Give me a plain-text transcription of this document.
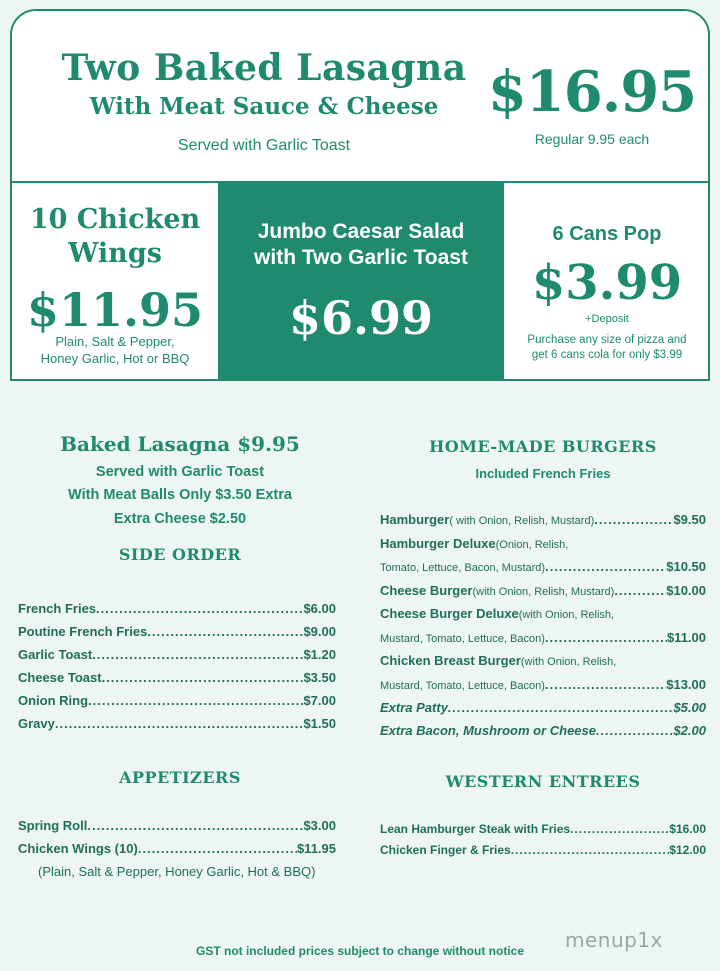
Two Baked Lasagna
With Meat Sauce & Cheese
Served with Garlic Toast
$16.95
Regular 9.95 each
10 Chicken
Wings
$11.95
Plain, Salt & Pepper,
Honey Garlic, Hot or BBQ
Jumbo Caesar Salad
with Two Garlic Toast
$6.99
6 Cans Pop
$3.99
+Deposit
Purchase any size of pizza and
get 6 cans cola for only $3.99
Baked Lasagna $9.95
Served with Garlic Toast
With Meat Balls Only $3.50 Extra
Extra Cheese $2.50
SIDE ORDER
French Fries .....	$6.00
Poutine French Fries .....	$9.00
Garlic Toast .....	$1.20
Cheese Toast .....	$3.50
Onion Ring .....	$7.00
Gravy .....	$1.50
APPETIZERS
Spring Roll .....	$3.00
Chicken Wings (10) .....	$11.95
(Plain, Salt & Pepper, Honey Garlic, Hot & BBQ)
HOME-MADE BURGERS
Included French Fries
Hamburger ( with Onion, Relish, Mustard) .....	$9.50
Hamburger Deluxe (Onion, Relish,
Tomato, Lettuce, Bacon, Mustard) .....	$10.50
Cheese Burger (with Onion, Relish, Mustard) .....	$10.00
Cheese Burger Deluxe (with Onion, Relish,
Mustard, Tomato, Lettuce, Bacon) .....	$11.00
Chicken Breast Burger (with Onion, Relish,
Mustard, Tomato, Lettuce, Bacon) .....	$13.00
Extra Patty .....	$5.00
Extra Bacon, Mushroom or Cheese .....	$2.00
WESTERN ENTREES
Lean Hamburger Steak with Fries .....	$16.00
Chicken Finger & Fries .....	$12.00
GST not included prices subject to change without notice	menup1x
